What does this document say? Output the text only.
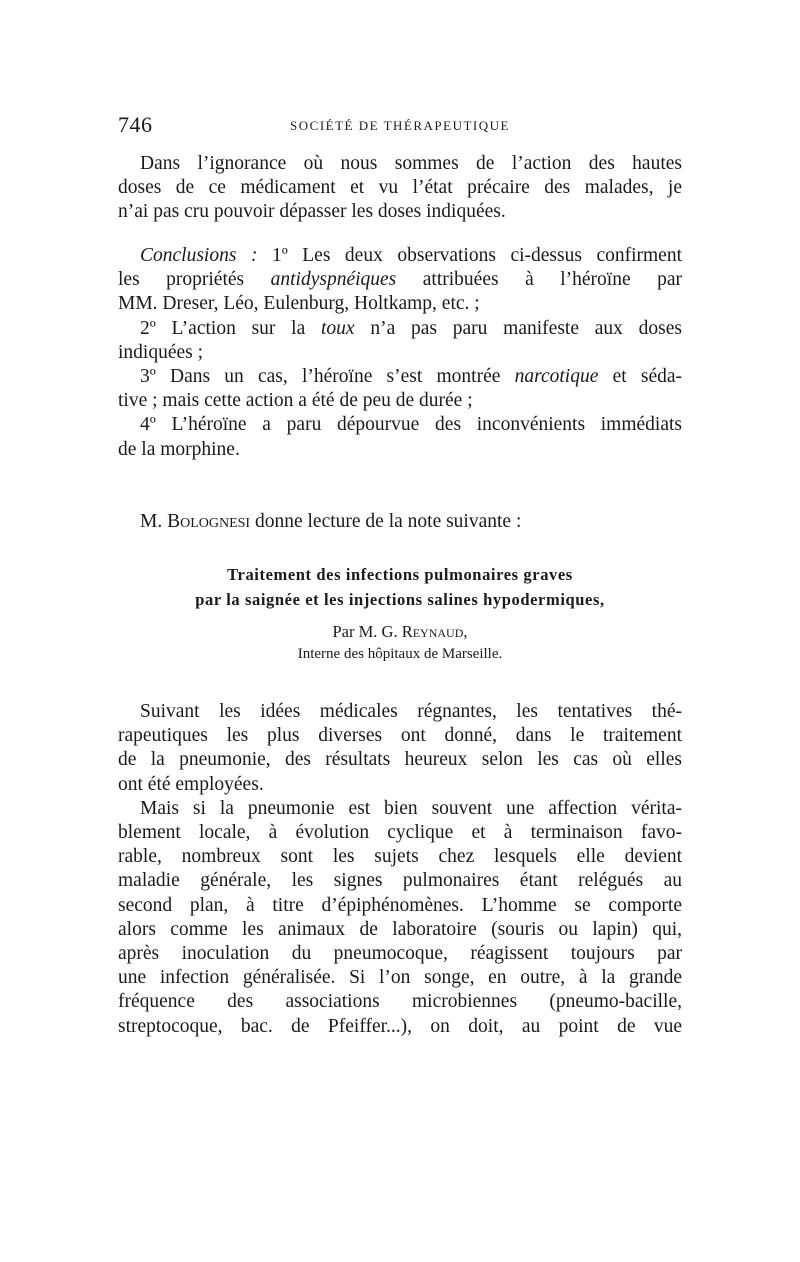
746	SOCIÉTÉ DE THÉRAPEUTIQUE
Dans l’ignorance où nous sommes de l’action des hautes
doses de ce médicament et vu l’état précaire des malades, je
n’ai pas cru pouvoir dépasser les doses indiquées.
Conclusions : 1º Les deux observations ci-dessus confirment
les propriétés antidyspnéiques attribuées à l’héroïne par
MM. Dreser, Léo, Eulenburg, Holtkamp, etc. ;
2º L’action sur la toux n’a pas paru manifeste aux doses
indiquées ;
3º Dans un cas, l’héroïne s’est montrée narcotique et séda-
tive ; mais cette action a été de peu de durée ;
4º L’héroïne a paru dépourvue des inconvénients immédiats
de la morphine.
M. Bolognesi donne lecture de la note suivante :
Traitement des infections pulmonaires graves
par la saignée et les injections salines hypodermiques,
Par M. G. Reynaud,
Interne des hôpitaux de Marseille.
Suivant les idées médicales régnantes, les tentatives thé-
rapeutiques les plus diverses ont donné, dans le traitement
de la pneumonie, des résultats heureux selon les cas où elles
ont été employées.
Mais si la pneumonie est bien souvent une affection vérita-
blement locale, à évolution cyclique et à terminaison favo-
rable, nombreux sont les sujets chez lesquels elle devient
maladie générale, les signes pulmonaires étant relégués au
second plan, à titre d’épiphénomènes. L’homme se comporte
alors comme les animaux de laboratoire (souris ou lapin) qui,
après inoculation du pneumocoque, réagissent toujours par
une infection généralisée. Si l’on songe, en outre, à la grande
fréquence des associations microbiennes (pneumo-bacille,
streptocoque, bac. de Pfeiffer...), on doit, au point de vue
